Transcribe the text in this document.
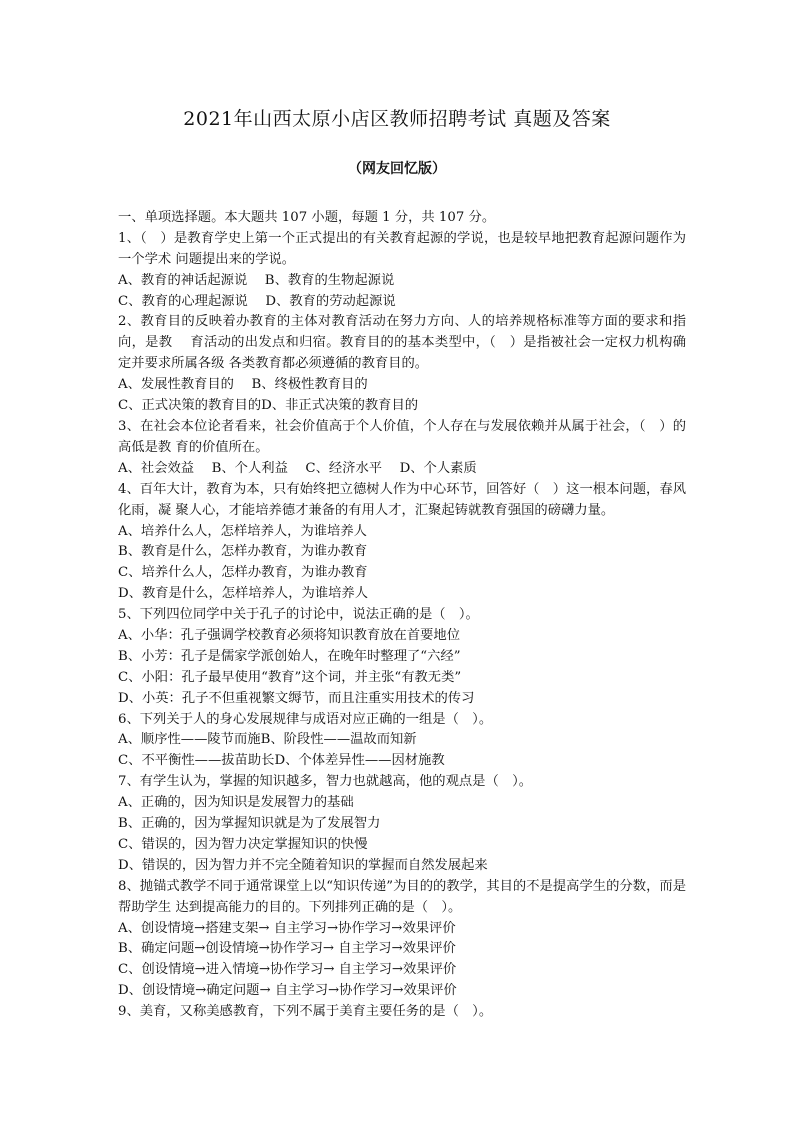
2021年山西太原小店区教师招聘考试 真题及答案
（网友回忆版）
一、单项选择题。本大题共 107 小题，每题 1 分，共 107 分。
1、（　）是教育学史上第一个正式提出的有关教育起源的学说，也是较早地把教育起源问题作为一个学术 问题提出来的学说。
A、教育的神话起源说　 B、教育的生物起源说
C、教育的心理起源说　 D、教育的劳动起源说
2、教育目的反映着办教育的主体对教育活动在努力方向、人的培养规格标准等方面的要求和指向，是教　 育活动的出发点和归宿。教育目的的基本类型中，（　）是指被社会一定权力机构确定并要求所属各级 各类教育都必须遵循的教育目的。
A、发展性教育目的　 B、终极性教育目的
C、正式决策的教育目的D、非正式决策的教育目的
3、在社会本位论者看来，社会价值高于个人价值，个人存在与发展依赖并从属于社会，（　）的高低是教 育的价值所在。
A、社会效益　 B、个人利益　 C、经济水平　 D、个人素质
4、百年大计，教育为本，只有始终把立德树人作为中心环节，回答好（　）这一根本问题，春风化雨，凝 聚人心，才能培养德才兼备的有用人才，汇聚起铸就教育强国的磅礴力量。
A、培养什么人，怎样培养人，为谁培养人
B、教育是什么，怎样办教育，为谁办教育
C、培养什么人，怎样办教育，为谁办教育
D、教育是什么，怎样培养人，为谁培养人
5、下列四位同学中关于孔子的讨论中，说法正确的是（　）。
A、小华：孔子强调学校教育必须将知识教育放在首要地位
B、小芳：孔子是儒家学派创始人，在晚年时整理了“六经”
C、小阳：孔子最早使用“教育”这个词，并主张“有教无类”
D、小英：孔子不但重视繁文缛节，而且注重实用技术的传习
6、下列关于人的身心发展规律与成语对应正确的一组是（　）。
A、顺序性——陵节而施B、阶段性——温故而知新
C、不平衡性——拔苗助长D、个体差异性——因材施教
7、有学生认为，掌握的知识越多，智力也就越高，他的观点是（　）。
A、正确的，因为知识是发展智力的基础
B、正确的，因为掌握知识就是为了发展智力
C、错误的，因为智力决定掌握知识的快慢
D、错误的，因为智力并不完全随着知识的掌握而自然发展起来
8、抛锚式教学不同于通常课堂上以“知识传递”为目的的教学，其目的不是提高学生的分数，而是帮助学生 达到提高能力的目的。下列排列正确的是（　）。
A、创设情境→搭建支架→ 自主学习→协作学习→效果评价
B、确定问题→创设情境→协作学习→ 自主学习→效果评价
C、创设情境→进入情境→协作学习→ 自主学习→效果评价
D、创设情境→确定问题→ 自主学习→协作学习→效果评价
9、美育，又称美感教育，下列不属于美育主要任务的是（　）。
